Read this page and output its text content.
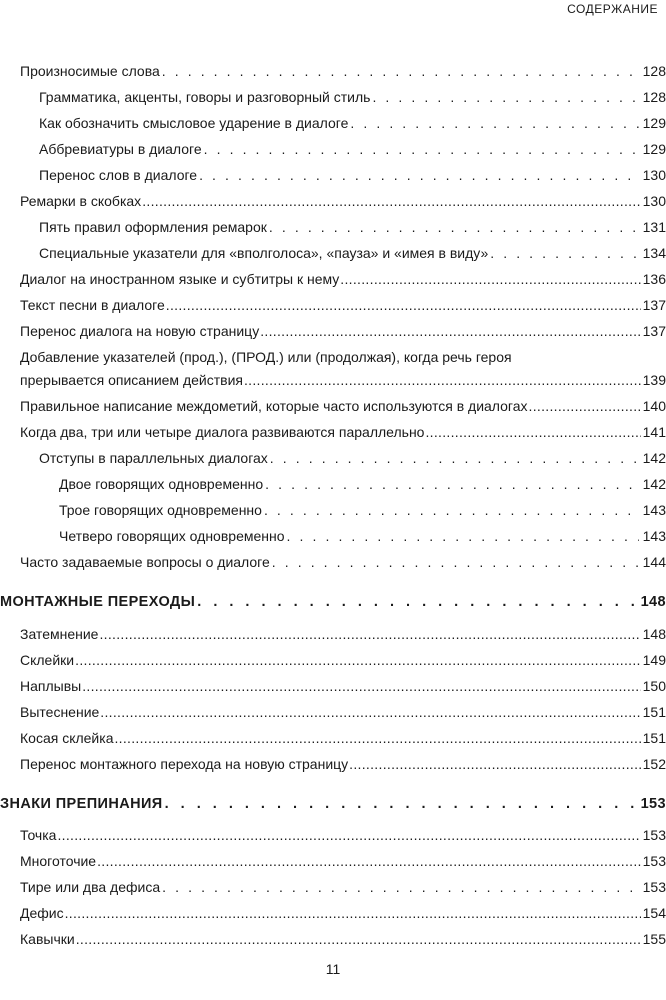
СОДЕРЖАНИЕ
Произносимые слова . . .	128
Грамматика, акценты, говоры и разговорный стиль . . .	128
Как обозначить смысловое ударение в диалоге . . .	129
Аббревиатуры в диалоге . . .	129
Перенос слов в диалоге . . .	130
Ремарки в скобках .....	130
Пять правил оформления ремарок . . .	131
Специальные указатели для «вполголоса», «пауза» и «имея в виду» . . .	134
Диалог на иностранном языке и субтитры к нему .....	136
Текст песни в диалоге .....	137
Перенос диалога на новую страницу .....	137
Добавление указателей (прод.), (ПРОД.) или (продолжая), когда речь героя
прерывается описанием действия .....	139
Правильное написание междометий, которые часто используются в диалогах .....	140
Когда два, три или четыре диалога развиваются параллельно .....	141
Отступы в параллельных диалогах . . .	142
Двое говорящих одновременно . . .	142
Трое говорящих одновременно . . .	143
Четверо говорящих одновременно . . .	143
Часто задаваемые вопросы о диалоге . . .	144
МОНТАЖНЫЕ ПЕРЕХОДЫ . . .	148
Затемнение .....	148
Склейки .....	149
Наплывы .....	150
Вытеснение .....	151
Косая склейка .....	151
Перенос монтажного перехода на новую страницу .....	152
ЗНАКИ ПРЕПИНАНИЯ . . .	153
Точка .....	153
Многоточие .....	153
Тире или два дефиса . . .	153
Дефис .....	154
Кавычки .....	155
11
